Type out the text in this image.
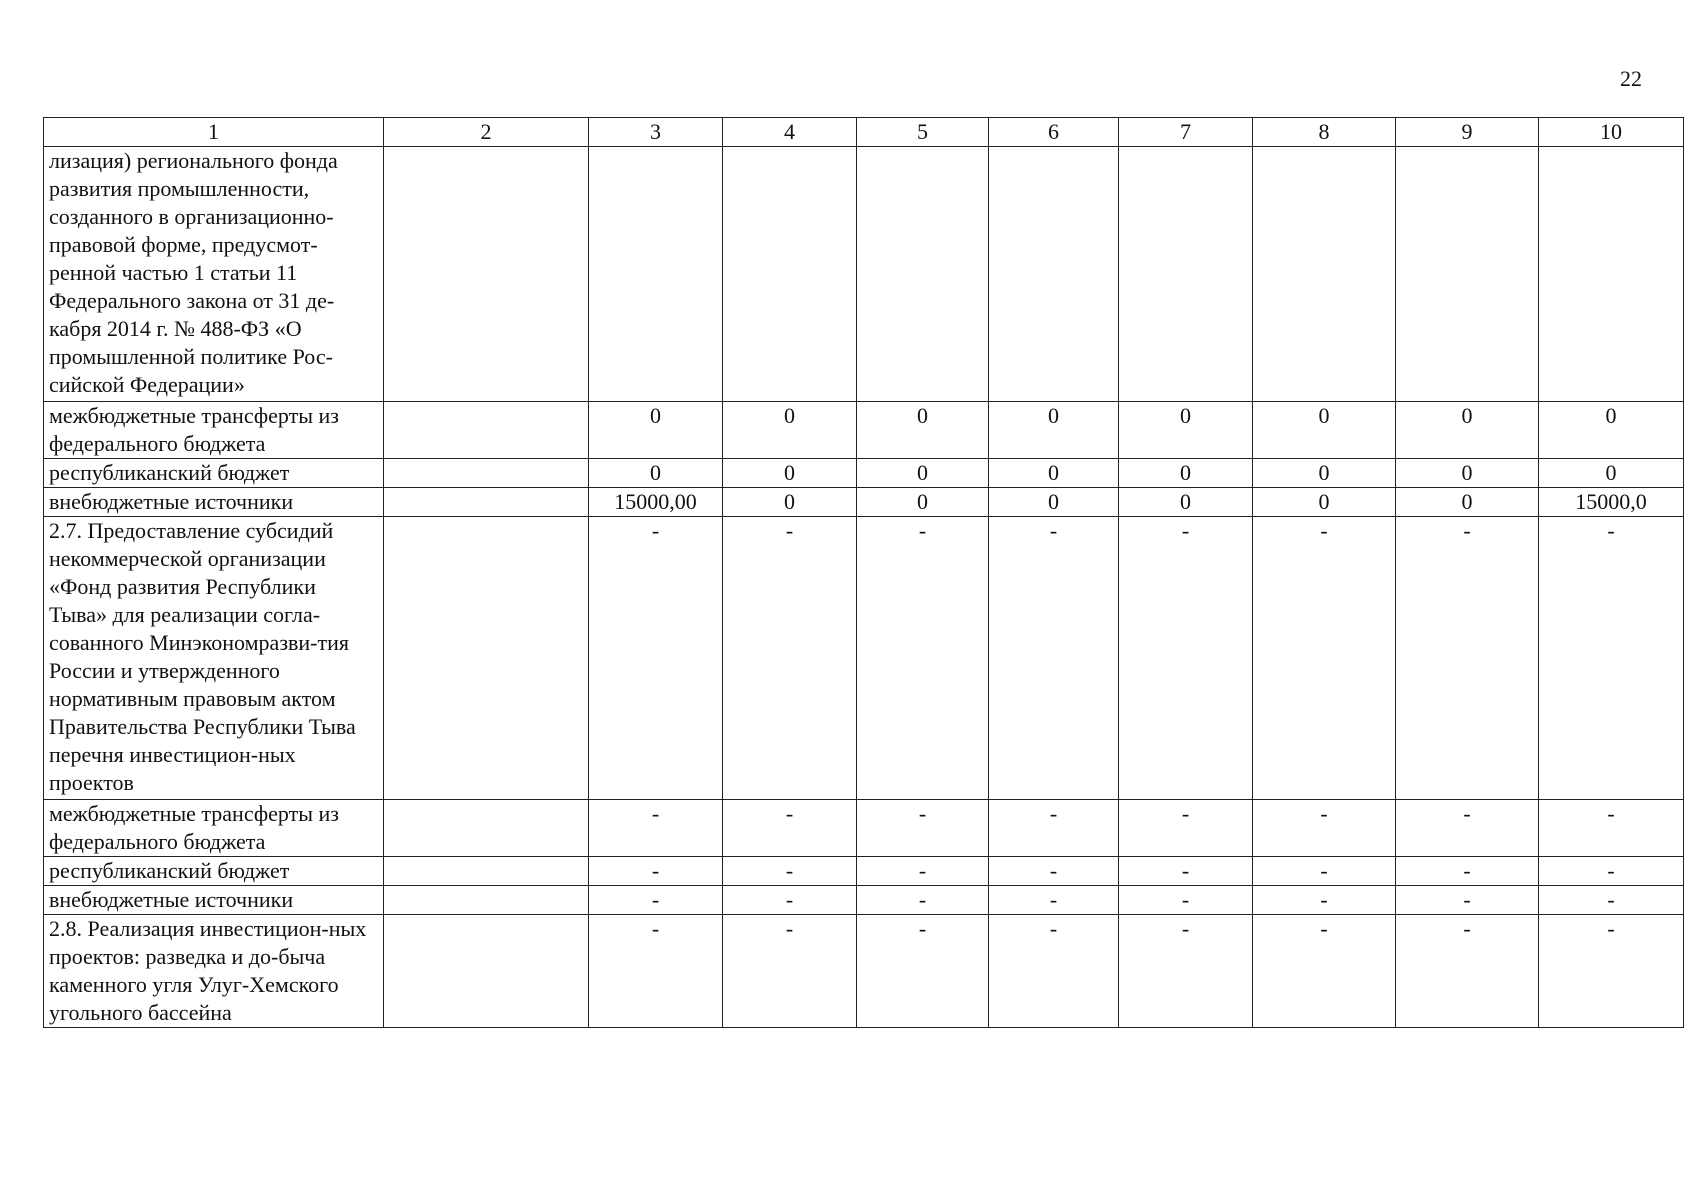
22
1	2	3	4	5	6	7	8	9	10
лизация) регионального фонда развития промышленности, созданного в организационно-правовой форме, предусмот-ренной частью 1 статьи 11 Федерального закона от 31 де-кабря 2014 г. № 488-ФЗ «О промышленной политике Рос-сийской Федерации»									
межбюджетные трансферты из федерального бюджета		0	0	0	0	0	0	0	0
республиканский бюджет		0	0	0	0	0	0	0	0
внебюджетные источники		15000,00	0	0	0	0	0	0	15000,0
2.7. Предоставление субсидий некоммерческой организации «Фонд развития Республики Тыва» для реализации согла-сованного Минэкономразви-тия России и утвержденного нормативным правовым актом Правительства Республики Тыва перечня инвестицион-ных проектов		-	-	-	-	-	-	-	-
межбюджетные трансферты из федерального бюджета		-	-	-	-	-	-	-	-
республиканский бюджет		-	-	-	-	-	-	-	-
внебюджетные источники		-	-	-	-	-	-	-	-
2.8. Реализация инвестицион-ных проектов: разведка и до-быча каменного угля Улуг-Хемского угольного бассейна		-	-	-	-	-	-	-	-
